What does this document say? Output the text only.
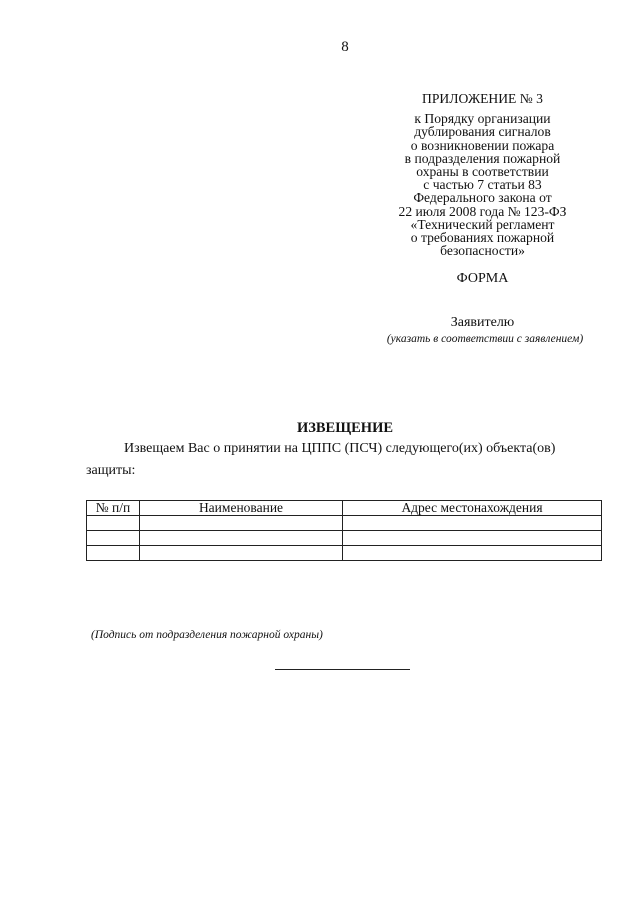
8
ПРИЛОЖЕНИЕ № 3
к Порядку организации
дублирования сигналов
о возникновении пожара
в подразделения пожарной
охраны в соответствии
с частью 7 статьи 83
Федерального закона от
22 июля 2008 года № 123-ФЗ
«Технический регламент
о требованиях пожарной
безопасности»
ФОРМА
Заявителю
(указать в соответствии с заявлением)
ИЗВЕЩЕНИЕ
Извещаем Вас о принятии на ЦППС (ПСЧ) следующего(их) объекта(ов)
защиты:
№ п/п	Наименование	Адрес местонахождения

(Подпись от подразделения пожарной охраны)
